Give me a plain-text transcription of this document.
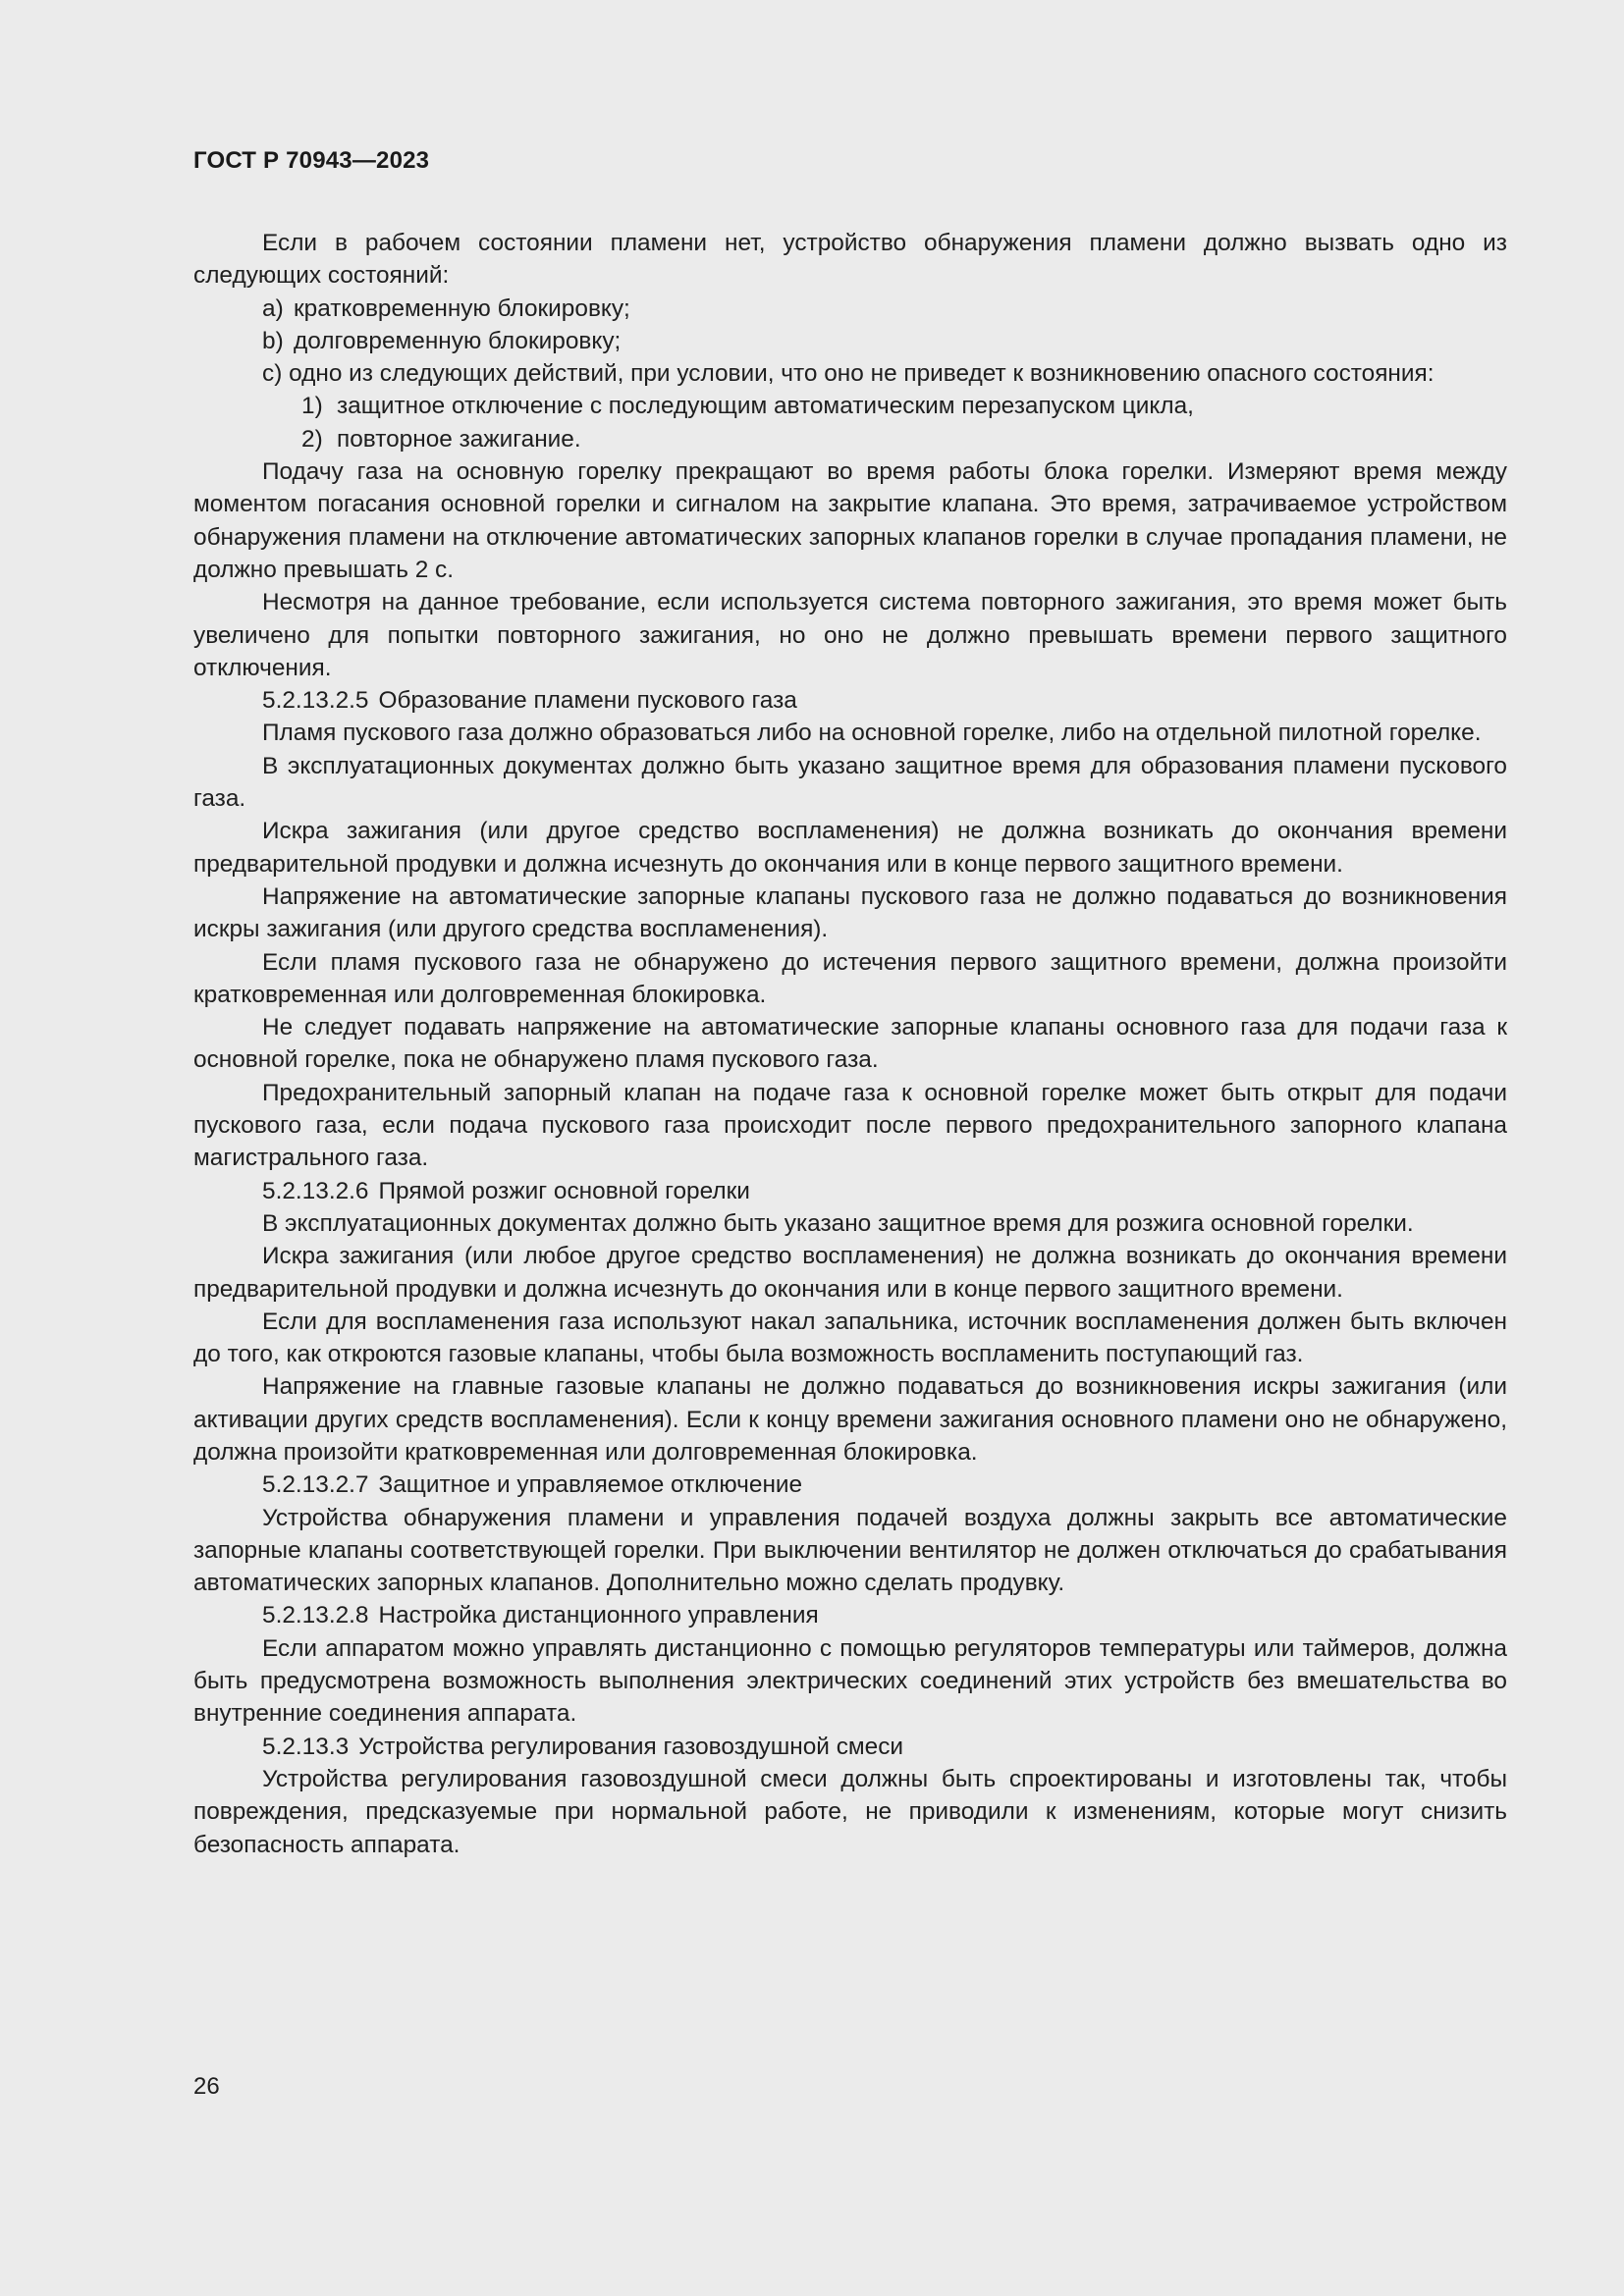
ГОСТ Р 70943—2023

Если в рабочем состоянии пламени нет, устройство обнаружения пламени должно вызвать одно из следующих состояний:

a) кратковременную блокировку;

b) долговременную блокировку;

c) одно из следующих действий, при условии, что оно не приведет к возникновению опасного состояния:

1) защитное отключение с последующим автоматическим перезапуском цикла,

2) повторное зажигание.

Подачу газа на основную горелку прекращают во время работы блока горелки. Измеряют время между моментом погасания основной горелки и сигналом на закрытие клапана. Это время, затрачиваемое устройством обнаружения пламени на отключение автоматических запорных клапанов горелки в случае пропадания пламени, не должно превышать 2 с.

Несмотря на данное требование, если используется система повторного зажигания, это время может быть увеличено для попытки повторного зажигания, но оно не должно превышать времени первого защитного отключения.

5.2.13.2.5 Образование пламени пускового газа

Пламя пускового газа должно образоваться либо на основной горелке, либо на отдельной пилотной горелке.

В эксплуатационных документах должно быть указано защитное время для образования пламени пускового газа.

Искра зажигания (или другое средство воспламенения) не должна возникать до окончания времени предварительной продувки и должна исчезнуть до окончания или в конце первого защитного времени.

Напряжение на автоматические запорные клапаны пускового газа не должно подаваться до возникновения искры зажигания (или другого средства воспламенения).

Если пламя пускового газа не обнаружено до истечения первого защитного времени, должна произойти кратковременная или долговременная блокировка.

Не следует подавать напряжение на автоматические запорные клапаны основного газа для подачи газа к основной горелке, пока не обнаружено пламя пускового газа.

Предохранительный запорный клапан на подаче газа к основной горелке может быть открыт для подачи пускового газа, если подача пускового газа происходит после первого предохранительного запорного клапана магистрального газа.

5.2.13.2.6 Прямой розжиг основной горелки

В эксплуатационных документах должно быть указано защитное время для розжига основной горелки.

Искра зажигания (или любое другое средство воспламенения) не должна возникать до окончания времени предварительной продувки и должна исчезнуть до окончания или в конце первого защитного времени.

Если для воспламенения газа используют накал запальника, источник воспламенения должен быть включен до того, как откроются газовые клапаны, чтобы была возможность воспламенить поступающий газ.

Напряжение на главные газовые клапаны не должно подаваться до возникновения искры зажигания (или активации других средств воспламенения). Если к концу времени зажигания основного пламени оно не обнаружено, должна произойти кратковременная или долговременная блокировка.

5.2.13.2.7 Защитное и управляемое отключение

Устройства обнаружения пламени и управления подачей воздуха должны закрыть все автоматические запорные клапаны соответствующей горелки. При выключении вентилятор не должен отключаться до срабатывания автоматических запорных клапанов. Дополнительно можно сделать продувку.

5.2.13.2.8 Настройка дистанционного управления

Если аппаратом можно управлять дистанционно с помощью регуляторов температуры или таймеров, должна быть предусмотрена возможность выполнения электрических соединений этих устройств без вмешательства во внутренние соединения аппарата.

5.2.13.3 Устройства регулирования газовоздушной смеси

Устройства регулирования газовоздушной смеси должны быть спроектированы и изготовлены так, чтобы повреждения, предсказуемые при нормальной работе, не приводили к изменениям, которые могут снизить безопасность аппарата.

26
